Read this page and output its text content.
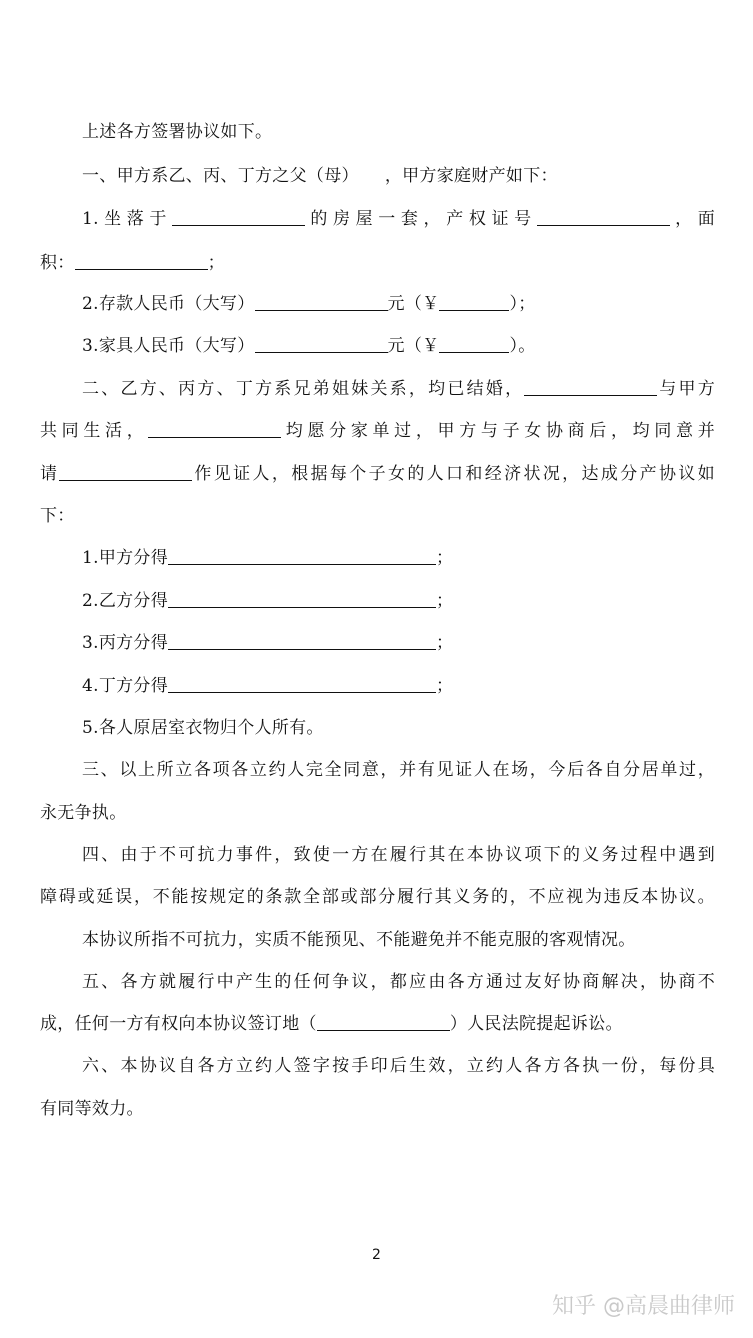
上述各方签署协议如下。
一、甲方系乙、丙、丁方之父（母） ，甲方家庭财产如下：
1.坐落于	的房屋一套，产权证号	，面
积：	；
2.存款人民币（大写）	元（￥	）；
3.家具人民币（大写）	元（￥	）。
二、乙方、丙方、丁方系兄弟姐妹关系，均已结婚，	与甲方
共同生活，	均愿分家单过，甲方与子女协商后，均同意并
请	作见证人，根据每个子女的人口和经济状况，达成分产协议如
下：
1.甲方分得	；
2.乙方分得	；
3.丙方分得	；
4.丁方分得	；
5.各人原居室衣物归个人所有。
三、以上所立各项各立约人完全同意，并有见证人在场，今后各自分居单过，
永无争执。
四、由于不可抗力事件，致使一方在履行其在本协议项下的义务过程中遇到
障碍或延误，不能按规定的条款全部或部分履行其义务的，不应视为违反本协议。
本协议所指不可抗力，实质不能预见、不能避免并不能克服的客观情况。
五、各方就履行中产生的任何争议，都应由各方通过友好协商解决，协商不
成，任何一方有权向本协议签订地（	）人民法院提起诉讼。
六、本协议自各方立约人签字按手印后生效，立约人各方各执一份，每份具
有同等效力。
2
知乎 @高晨曲律师
